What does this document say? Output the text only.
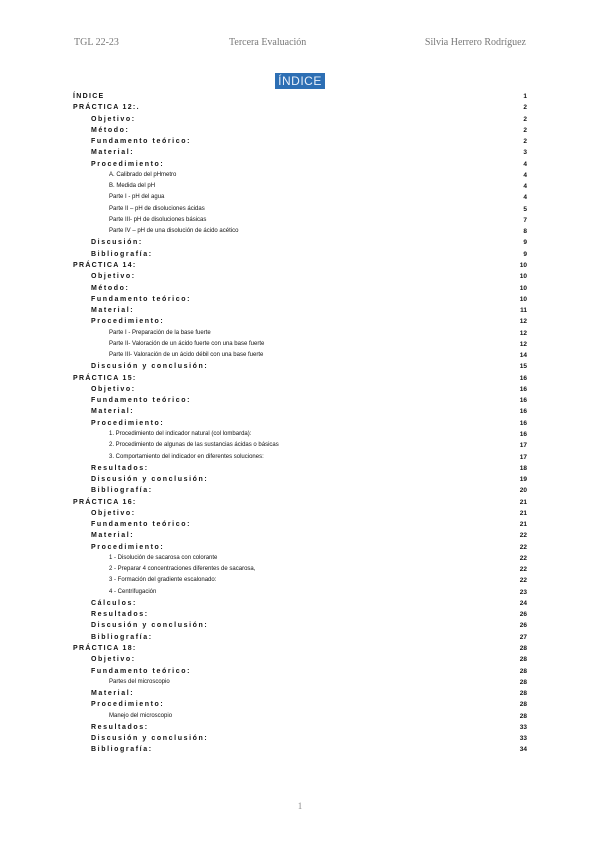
TGL 22-23	Tercera Evaluación	Silvia Herrero Rodríguez
ÍNDICE
ÍNDICE	1
PRÁCTICA 12:.	2
Objetivo:	2
Método:	2
Fundamento teórico:	2
Material:	3
Procedimiento:	4
A. Calibrado del pHmetro	4
B. Medida del pH	4
Parte I - pH del agua	4
Parte II – pH de disoluciones ácidas	5
Parte III- pH de disoluciones básicas	7
Parte IV – pH de una disolución de ácido acético	8
Discusión:	9
Bibliografía:	9
PRÁCTICA 14:	10
Objetivo:	10
Método:	10
Fundamento teórico:	10
Material:	11
Procedimiento:	12
Parte I - Preparación de la base fuerte	12
Parte II- Valoración de un ácido fuerte con una base fuerte	12
Parte III- Valoración de un ácido débil con una base fuerte	14
Discusión y conclusión:	15
PRÁCTICA 15:	16
Objetivo:	16
Fundamento teórico:	16
Material:	16
Procedimiento:	16
1. Procedimiento del indicador natural (col lombarda):	16
2. Procedimiento de algunas de las sustancias ácidas o básicas	17
3. Comportamiento del indicador en diferentes soluciones:	17
Resultados:	18
Discusión y conclusión:	19
Bibliografía:	20
PRÁCTICA 16:	21
Objetivo:	21
Fundamento teórico:	21
Material:	22
Procedimiento:	22
1 - Disolución de sacarosa con colorante	22
2 - Preparar 4 concentraciones diferentes de sacarosa,	22
3 - Formación del gradiente escalonado:	22
4 - Centrifugación	23
Cálculos:	24
Resultados:	26
Discusión y conclusión:	26
Bibliografía:	27
PRÁCTICA 18:	28
Objetivo:	28
Fundamento teórico:	28
Partes del microscopio	28
Material:	28
Procedimiento:	28
Manejo del microscopio	28
Resultados:	33
Discusión y conclusión:	33
Bibliografía:	34
1
